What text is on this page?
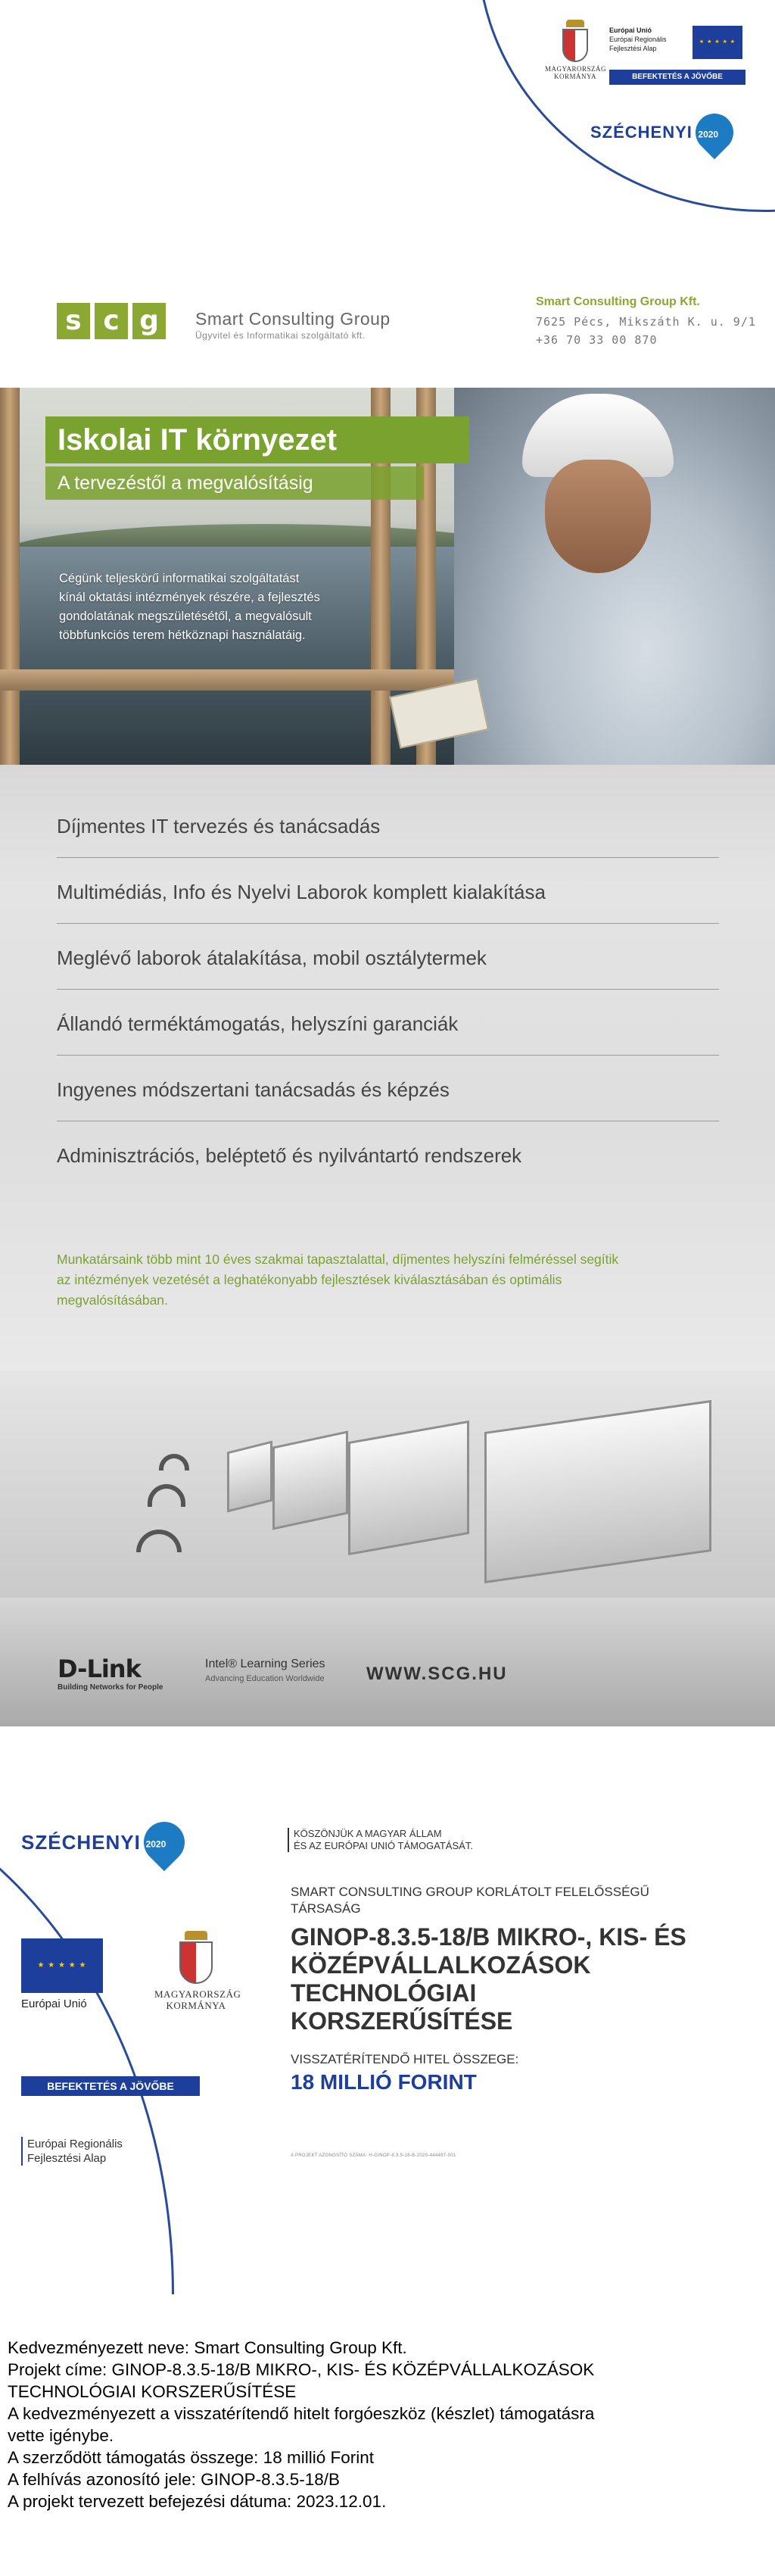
MAGYARORSZÁG
KORMÁNYA
Európai Unió
Európai Regionális
Fejlesztési Alap
★ ★ ★ ★ ★
BEFEKTETÉS A JÖVŐBE
SZÉCHENYI 2020
s c g	Smart Consulting Group
Ügyvitel és Informatikai szolgáltató kft.
Smart Consulting Group Kft.
7625 Pécs, Mikszáth K. u. 9/1
+36 70 33 00 870
Iskolai IT környezet
A tervezéstől a megvalósításig
Cégünk teljeskörű informatikai szolgáltatást
kínál oktatási intézmények részére, a fejlesztés
gondolatának megszületésétől, a megvalósult
többfunkciós terem hétköznapi használatáig.
Díjmentes IT tervezés és tanácsadás
Multimédiás, Info és Nyelvi Laborok komplett kialakítása
Meglévő laborok átalakítása, mobil osztálytermek
Állandó terméktámogatás, helyszíni garanciák
Ingyenes módszertani tanácsadás és képzés
Adminisztrációs, beléptető és nyilvántartó rendszerek
Munkatársaink több mint 10 éves szakmai tapasztalattal, díjmentes helyszíni felméréssel segítik
az intézmények vezetését a leghatékonyabb fejlesztések kiválasztásában és optimális
megvalósításában.
D-Link
Building Networks for People
Intel® Learning Series
Advancing Education Worldwide WWW.SCG.HU
SZÉCHENYI 2020
★ ★ ★ ★ ★
Európai Unió
MAGYARORSZÁG
KORMÁNYA
BEFEKTETÉS A JÖVŐBE
Európai Regionális
Fejlesztési Alap
KÖSZÖNJÜK A MAGYAR ÁLLAM
ÉS AZ EURÓPAI UNIÓ TÁMOGATÁSÁT.
SMART CONSULTING GROUP KORLÁTOLT FELELŐSSÉGŰ
TÁRSASÁG
GINOP-8.3.5-18/B MIKRO-, KIS- ÉS
KÖZÉPVÁLLALKOZÁSOK
TECHNOLÓGIAI
KORSZERŰSÍTÉSE
VISSZATÉRÍTENDŐ HITEL ÖSSZEGE:
18 MILLIÓ FORINT
A PROJEKT AZONOSÍTÓ SZÁMA: H-GINOP-8.3.5-18-B-2020-444497-001
Kedvezményezett neve: Smart Consulting Group Kft.
Projekt címe: GINOP-8.3.5-18/B MIKRO-, KIS- ÉS KÖZÉPVÁLLALKOZÁSOK
TECHNOLÓGIAI KORSZERŰSÍTÉSE
A kedvezményezett a visszatérítendő hitelt forgóeszköz (készlet) támogatásra
vette igénybe.
A szerződött támogatás összege: 18 millió Forint
A felhívás azonosító jele: GINOP-8.3.5-18/B
A projekt tervezett befejezési dátuma: 2023.12.01.
